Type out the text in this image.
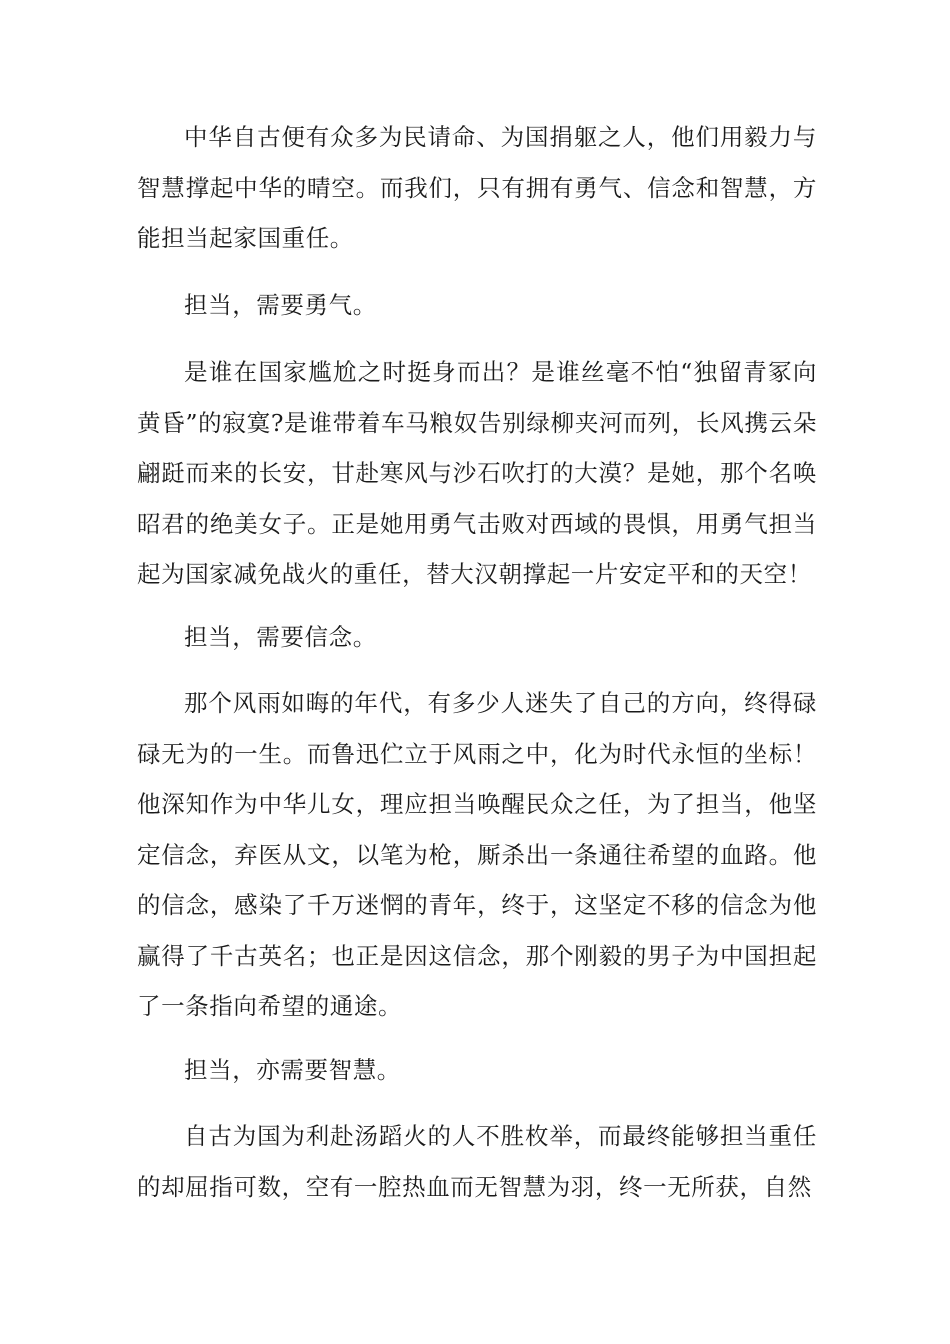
中华自古便有众多为民请命、为国捐躯之人，他们用毅力与智慧撑起中华的晴空。而我们，只有拥有勇气、信念和智慧，方能担当起家国重任。

担当，需要勇气。

是谁在国家尴尬之时挺身而出？是谁丝毫不怕“独留青冢向黄昏”的寂寞?是谁带着车马粮奴告别绿柳夹河而列，长风携云朵翩跹而来的长安，甘赴寒风与沙石吹打的大漠？是她，那个名唤昭君的绝美女子。正是她用勇气击败对西域的畏惧，用勇气担当起为国家减免战火的重任，替大汉朝撑起一片安定平和的天空！

担当，需要信念。

那个风雨如晦的年代，有多少人迷失了自己的方向，终得碌碌无为的一生。而鲁迅伫立于风雨之中，化为时代永恒的坐标！他深知作为中华儿女，理应担当唤醒民众之任，为了担当，他坚定信念，弃医从文，以笔为枪，厮杀出一条通往希望的血路。他的信念，感染了千万迷惘的青年，终于，这坚定不移的信念为他赢得了千古英名；也正是因这信念，那个刚毅的男子为中国担起了一条指向希望的通途。

担当，亦需要智慧。

自古为国为利赴汤蹈火的人不胜枚举，而最终能够担当重任的却屈指可数，空有一腔热血而无智慧为羽，终一无所获，自然
